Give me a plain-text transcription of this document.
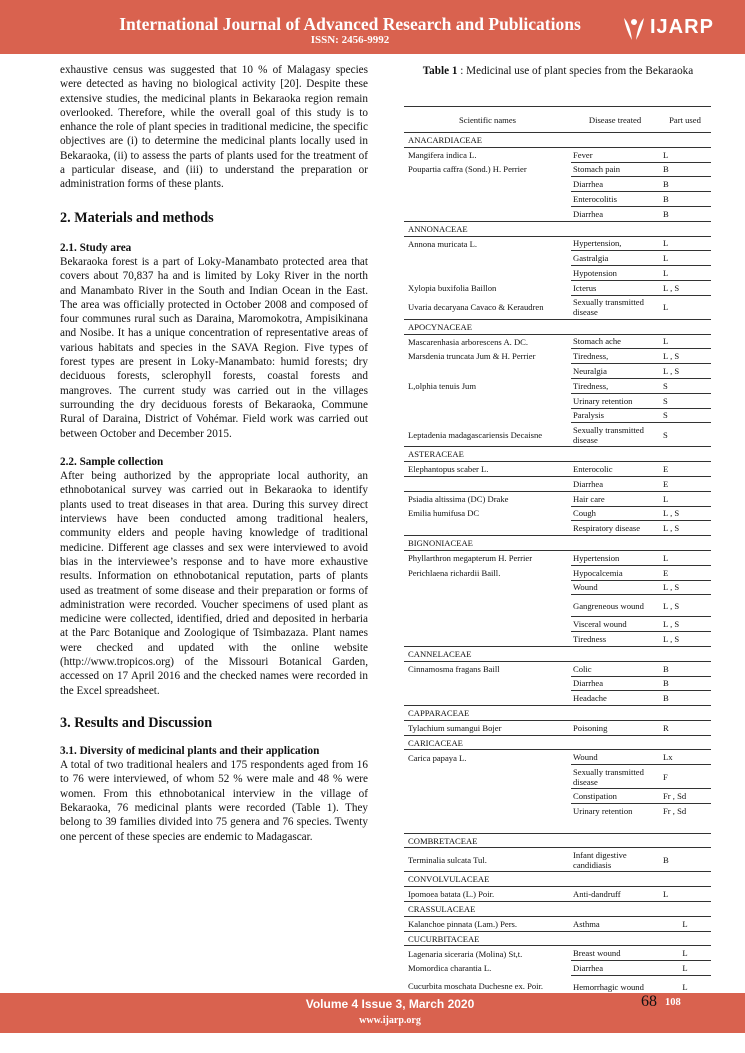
International Journal of Advanced Research and Publications
ISSN: 2456-9992
IJARP

exhaustive census was suggested that 10 % of Malagasy species were detected as having no biological activity [20]. Despite these extensive studies, the medicinal plants in Bekaraoka region remain overlooked. Therefore, while the overall goal of this study is to enhance the role of plant species in traditional medicine, the specific objectives are (i) to determine the medicinal plants locally used in Bekaraoka, (ii) to assess the parts of plants used for the treatment of a particular disease, and (iii) to understand the preparation or administration forms of these plants.

2. Materials and methods
2.1. Study area

Bekaraoka forest is a part of Loky-Manambato protected area that covers about 70,837 ha and is limited by Loky River in the north and Manambato River in the South and Indian Ocean in the East. The area was officially protected in October 2008 and composed of four communes rural such as Daraina, Maromokotra, Ampisikinana and Nosibe. It has a unique concentration of representative areas of various habitats and species in the SAVA Region. Five types of forest types are present in Loky-Manambato: humid forests; dry deciduous forests, sclerophyll forests, coastal forests and mangroves. The current study was carried out in the villages surrounding the dry deciduous forests of Bekaraoka, Commune Rural of Daraina, District of Vohémar. Field work was carried out between October and December 2015.

2.2. Sample collection

After being authorized by the appropriate local authority, an ethnobotanical survey was carried out in Bekaraoka to identify plants used to treat diseases in that area. During this survey direct interviews have been conducted among traditional healers, community elders and people having knowledge of traditional medicine. Different age classes and sex were interviewed to avoid bias in the interviewee’s response and to have more exhaustive results. Information on ethnobotanical reputation, parts of plants used as treatment of some disease and their preparation or forms of administration were recorded. Voucher specimens of used plant as medicine were collected, identified, dried and deposited in herbaria at the Parc Botanique and Zoologique of Tsimbazaza. Plant names were checked and updated with the online website (http://www.tropicos.org) of the Missouri Botanical Garden, accessed on 17 April 2016 and the checked names were recorded in the Excel spreadsheet.

3. Results and Discussion
3.1. Diversity of medicinal plants and their application

A total of two traditional healers and 175 respondents aged from 16 to 76 were interviewed, of whom 52 % were male and 48 % were women. From this ethnobotanical interview in the village of Bekaraoka, 76 medicinal plants were recorded (Table 1). They belong to 39 families divided into 75 genera and 76 species. Twenty one percent of these species are endemic to Madagascar.

Table 1 : Medicinal use of plant species from the Bekaraoka
Scientific names	Disease treated	Part used
ANACARDIACEAE		
Mangifera indica L.	Fever	L
Poupartia caffra (Sond.) H. Perrier	Stomach pain	B
	Diarrhea	B
	Enterocolitis	B
	Diarrhea	B
ANNONACEAE		
Annona muricata L.	Hypertension,	L
	Gastralgia	L
	Hypotension	L
Xylopia buxifolia Baillon	Icterus	L , S
Uvaria decaryana Cavaco & Keraudren	Sexually transmitted disease	L
APOCYNACEAE		
Mascarenhasia arborescens A. DC.	Stomach ache	L
Marsdenia truncata Jum & H. Perrier	Tiredness,	L , S
	Neuralgia	L , S
L,olphia tenuis Jum	Tiredness,	S
	Urinary retention	S
	Paralysis	S
Leptadenia madagascariensis Decaisne	Sexually transmitted disease	S
ASTERACEAE		
Elephantopus scaber L.	Enterocolic	E
	Diarrhea	E
Psiadia altissima (DC) Drake	Hair care	L
Emilia humifusa DC	Cough	L , S
	Respiratory disease	L , S
BIGNONIACEAE		
Phyllarthron megapterum H. Perrier	Hypertension	L
Perichlaena richardii Baill.	Hypocalcemia	E
	Wound	L , S
	Gangreneous wound	L , S
	Visceral wound	L , S
	Tiredness	L , S
CANNELACEAE		
Cinnamosma fragans Baill	Colic	B
	Diarrhea	B
	Headache	B
CAPPARACEAE		
Tylachium sumangui Bojer	Poisoning	R
CARICACEAE		
Carica papaya L.	Wound	Lx
	Sexually transmitted disease	F
	Constipation	Fr , Sd
	Urinary retention	Fr , Sd

COMBRETACEAE		
Terminalia sulcata Tul.	Infant digestive candidiasis	B
CONVOLVULACEAE		
Ipomoea batata (L.) Poir.	Anti-dandruff	L
CRASSULACEAE		
Kalanchoe pinnata (Lam.) Pers.	Asthma	L
CUCURBITACEAE		
Lagenaria siceraria (Molina) St,t.	Breast wound	L
Momordica charantia L.	Diarrhea	L
Cucurbita moschata Duchesne ex. Poir.	Hemorrhagic wound	L
Volume 4 Issue 3, March 2020
www.ijarp.org
68 108
